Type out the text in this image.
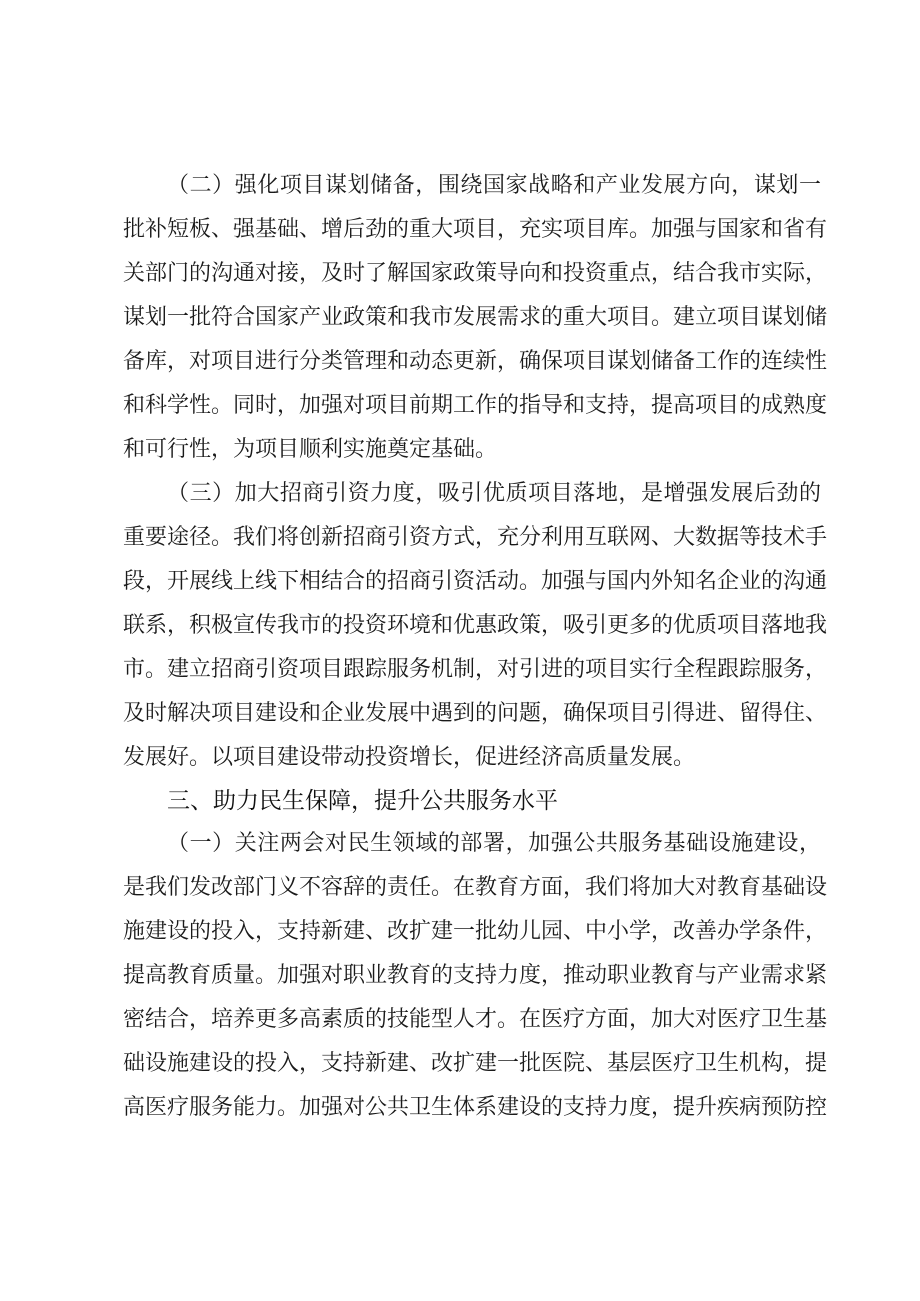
（二）强化项目谋划储备，围绕国家战略和产业发展方向，谋划一
批补短板、强基础、增后劲的重大项目，充实项目库。加强与国家和省有
关部门的沟通对接，及时了解国家政策导向和投资重点，结合我市实际，
谋划一批符合国家产业政策和我市发展需求的重大项目。建立项目谋划储
备库，对项目进行分类管理和动态更新，确保项目谋划储备工作的连续性
和科学性。同时，加强对项目前期工作的指导和支持，提高项目的成熟度
和可行性，为项目顺利实施奠定基础。
（三）加大招商引资力度，吸引优质项目落地，是增强发展后劲的
重要途径。我们将创新招商引资方式，充分利用互联网、大数据等技术手
段，开展线上线下相结合的招商引资活动。加强与国内外知名企业的沟通
联系，积极宣传我市的投资环境和优惠政策，吸引更多的优质项目落地我
市。建立招商引资项目跟踪服务机制，对引进的项目实行全程跟踪服务，
及时解决项目建设和企业发展中遇到的问题，确保项目引得进、留得住、
发展好。以项目建设带动投资增长，促进经济高质量发展。
三、助力民生保障，提升公共服务水平
（一）关注两会对民生领域的部署，加强公共服务基础设施建设，
是我们发改部门义不容辞的责任。在教育方面，我们将加大对教育基础设
施建设的投入，支持新建、改扩建一批幼儿园、中小学，改善办学条件，
提高教育质量。加强对职业教育的支持力度，推动职业教育与产业需求紧
密结合，培养更多高素质的技能型人才。在医疗方面，加大对医疗卫生基
础设施建设的投入，支持新建、改扩建一批医院、基层医疗卫生机构，提
高医疗服务能力。加强对公共卫生体系建设的支持力度，提升疾病预防控
